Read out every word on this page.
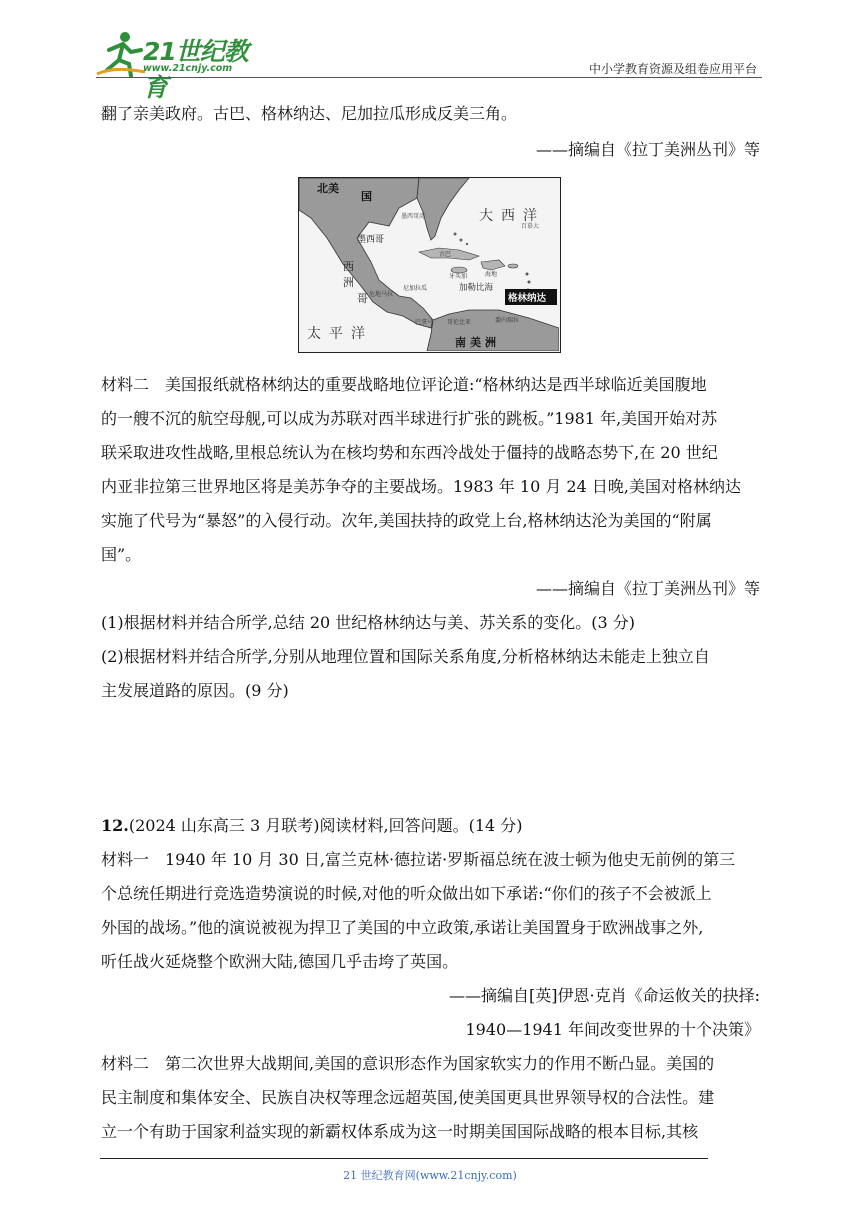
21世纪教育
www.21cnjy.com	中小学教育资源及组卷应用平台
翻了亲美政府。古巴、格林纳达、尼加拉瓜形成反美三角。
——摘编自《拉丁美洲丛刊》等
北美
国
大西洋
太平洋
南美洲
墨西哥
西
洲
哥
加勒比海
格林纳达
墨西哥湾
古巴
牙买加	海地
危地马拉
尼加拉瓜
巴拿马 哥伦比亚	委内瑞拉
百慕大
材料二　美国报纸就格林纳达的重要战略地位评论道:“格林纳达是西半球临近美国腹地
的一艘不沉的航空母舰,可以成为苏联对西半球进行扩张的跳板。”1981 年,美国开始对苏
联采取进攻性战略,里根总统认为在核均势和东西冷战处于僵持的战略态势下,在 20 世纪
内亚非拉第三世界地区将是美苏争夺的主要战场。1983 年 10 月 24 日晚,美国对格林纳达
实施了代号为“暴怒”的入侵行动。次年,美国扶持的政党上台,格林纳达沦为美国的“附属
国”。
——摘编自《拉丁美洲丛刊》等
(1)根据材料并结合所学,总结 20 世纪格林纳达与美、苏关系的变化。(3 分)
(2)根据材料并结合所学,分别从地理位置和国际关系角度,分析格林纳达未能走上独立自
主发展道路的原因。(9 分)
12.(2024 山东高三 3 月联考)阅读材料,回答问题。(14 分)
材料一　1940 年 10 月 30 日,富兰克林·德拉诺·罗斯福总统在波士顿为他史无前例的第三
个总统任期进行竞选造势演说的时候,对他的听众做出如下承诺:“你们的孩子不会被派上
外国的战场。”他的演说被视为捍卫了美国的中立政策,承诺让美国置身于欧洲战事之外,
听任战火延烧整个欧洲大陆,德国几乎击垮了英国。
——摘编自[英]伊恩·克肖《命运攸关的抉择:
1940—1941 年间改变世界的十个决策》
材料二　第二次世界大战期间,美国的意识形态作为国家软实力的作用不断凸显。美国的
民主制度和集体安全、民族自决权等理念远超英国,使美国更具世界领导权的合法性。建
立一个有助于国家利益实现的新霸权体系成为这一时期美国国际战略的根本目标,其核
21 世纪教育网(www.21cnjy.com)
